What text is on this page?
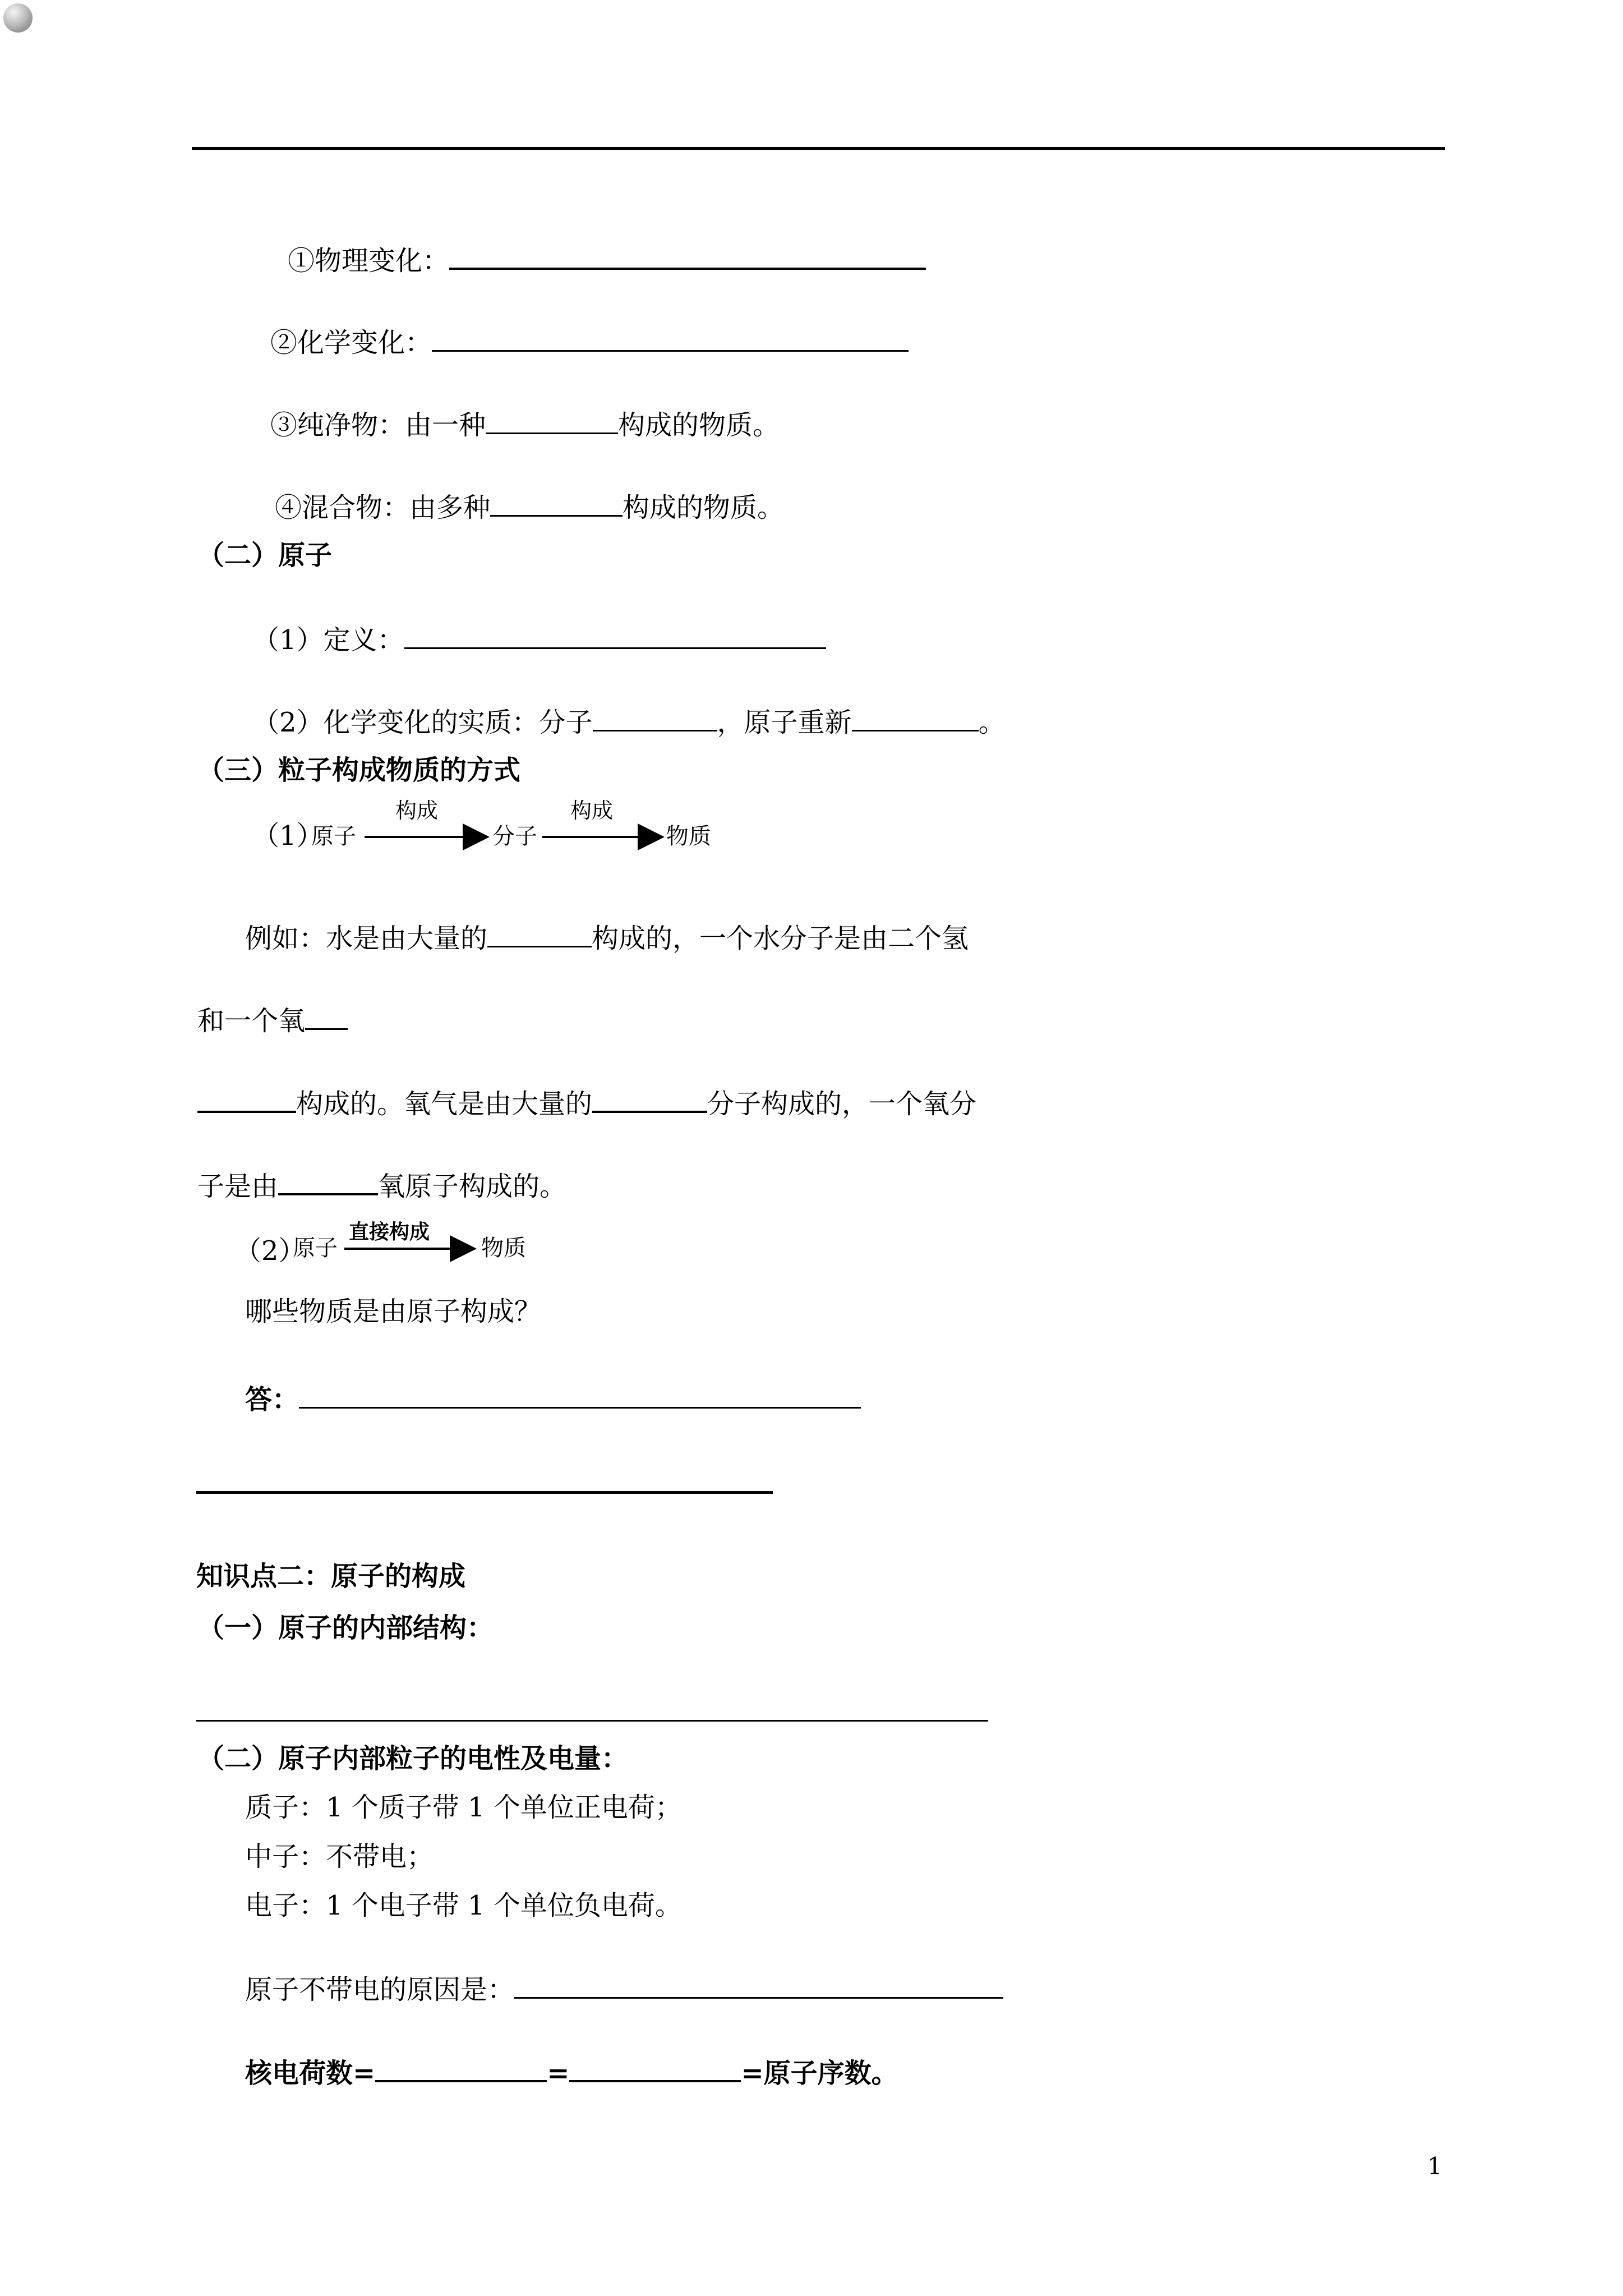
①物理变化：
②化学变化：
③纯净物：由一种	构成的物质。
④混合物：由多种	构成的物质。
（二）原子
（1）定义：
（2）化学变化的实质：分子	，原子重新	。
（三）粒子构成物质的方式
（1）
原子
构成
分子
构成
物质
例如：水是由大量的	构成的，一个水分子是由二个氢
和一个氧
构成的。氧气是由大量的	分子构成的，一个氧分
子是由	氧原子构成的。
（2）
原子
直接构成
物质
哪些物质是由原子构成？
答：
知识点二：原子的构成
（一）原子的内部结构：
（二）原子内部粒子的电性及电量：
质子：1 个质子带 1 个单位正电荷；
中子：不带电；
电子：1 个电子带 1 个单位负电荷。
原子不带电的原因是：
核电荷数=	=	=原子序数。
1
